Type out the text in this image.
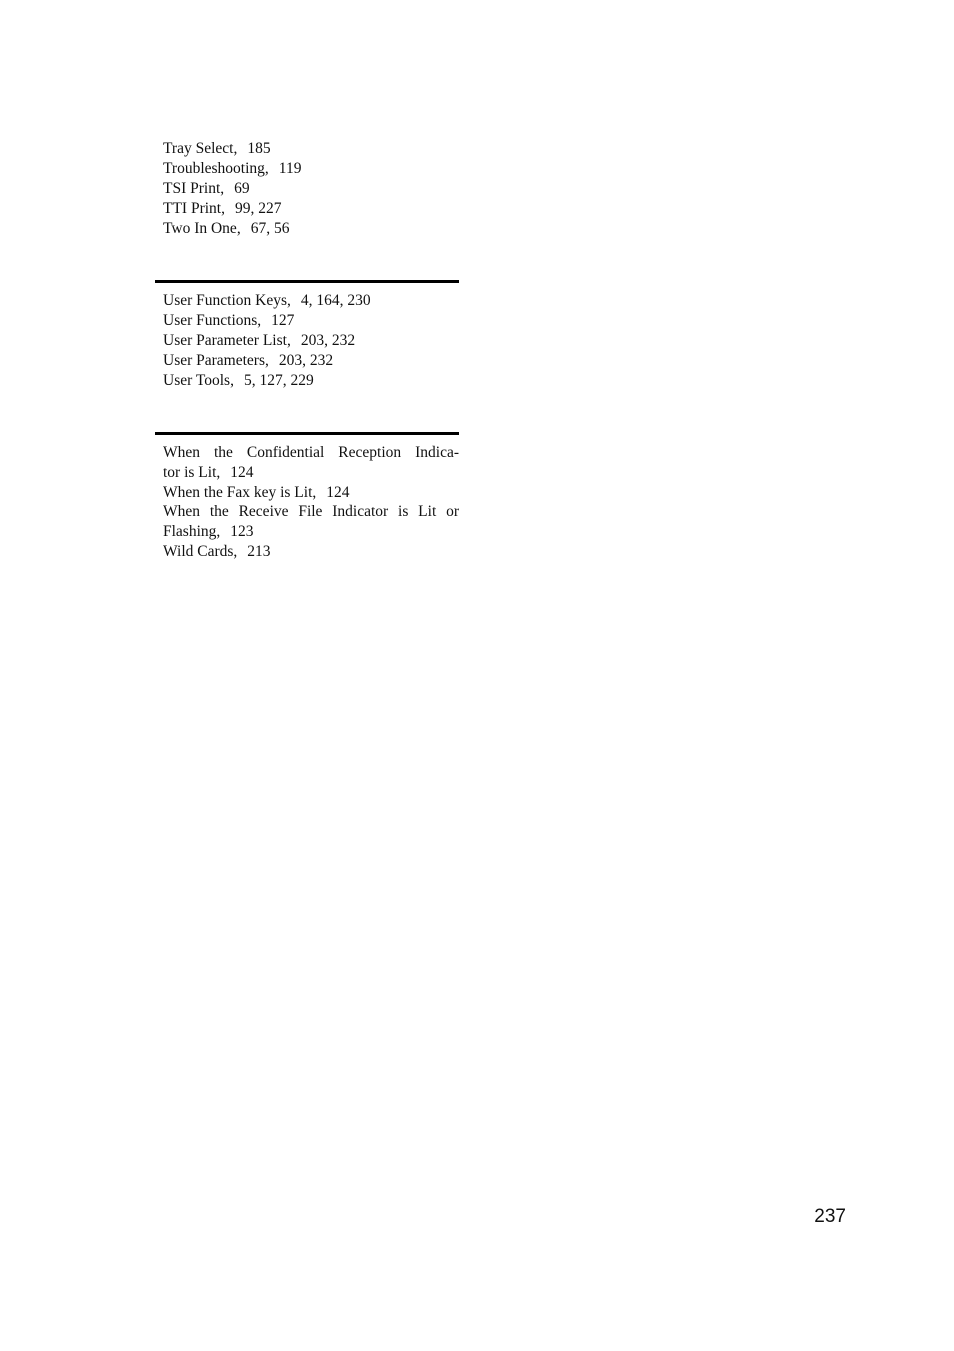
Tray Select, 185
Troubleshooting, 119
TSI Print, 69
TTI Print, 99, 227
Two In One, 67, 56
User Function Keys, 4, 164, 230
User Functions, 127
User Parameter List, 203, 232
User Parameters, 203, 232
User Tools, 5, 127, 229
When the Confidential Reception Indica-
tor is Lit, 124
When the Fax key is Lit, 124
When the Receive File Indicator is Lit or
Flashing, 123
Wild Cards, 213
237
